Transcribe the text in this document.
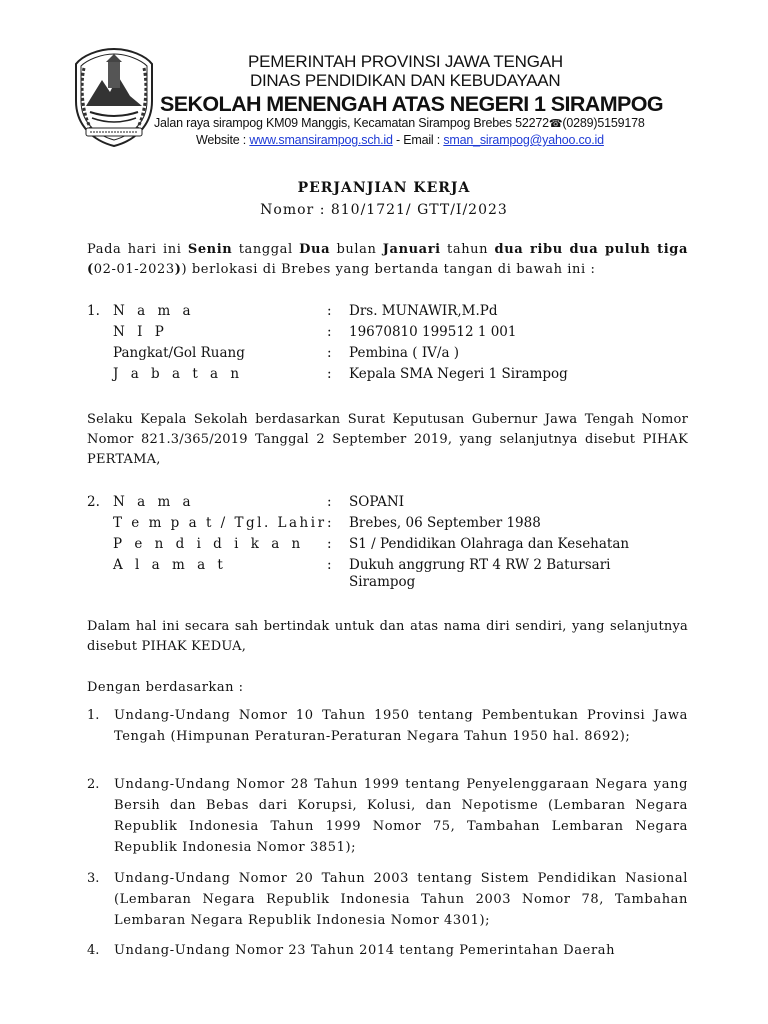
PEMERINTAH PROVINSI JAWA TENGAH
DINAS PENDIDIKAN DAN KEBUDAYAAN
SEKOLAH MENENGAH ATAS NEGERI 1 SIRAMPOG
Jalan raya sirampog KM09 Manggis, Kecamatan Sirampog Brebes 52272☎(0289)5159178
Website : www.smansirampog.sch.id - Email : sman_sirampog@yahoo.co.id
PERJANJIAN KERJA
Nomor : 810/1721/ GTT/I/2023
Pada hari ini Senin tanggal Dua bulan Januari tahun dua ribu dua puluh tiga (02-01-2023)) berlokasi di Brebes yang bertanda tangan di bawah ini :
1. N a m a	: Drs. MUNAWIR,M.Pd
N I P	: 19670810 199512 1 001
Pangkat/Gol Ruang	: Pembina ( IV/a )
J a b a t a n	: Kepala SMA Negeri 1 Sirampog
Selaku Kepala Sekolah berdasarkan Surat Keputusan Gubernur Jawa Tengah Nomor Nomor 821.3/365/2019 Tanggal 2 September 2019, yang selanjutnya disebut PIHAK PERTAMA,
2. N a m a	: SOPANI
T e m p a t / Tgl. Lahir : Brebes, 06 September 1988
P e n d i d i k a n : S1 / Pendidikan Olahraga dan Kesehatan
A l a m a t	: Dukuh anggrung RT 4 RW 2 Batursari Sirampog
Dalam hal ini secara sah bertindak untuk dan atas nama diri sendiri, yang selanjutnya disebut PIHAK KEDUA,
Dengan berdasarkan :
1. Undang-Undang Nomor 10 Tahun 1950 tentang Pembentukan Provinsi Jawa Tengah (Himpunan Peraturan-Peraturan Negara Tahun 1950 hal. 8692);
2. Undang-Undang Nomor 28 Tahun 1999 tentang Penyelenggaraan Negara yang Bersih dan Bebas dari Korupsi, Kolusi, dan Nepotisme (Lembaran Negara Republik Indonesia Tahun 1999 Nomor 75, Tambahan Lembaran Negara Republik Indonesia Nomor 3851);
3. Undang-Undang Nomor 20 Tahun 2003 tentang Sistem Pendidikan Nasional (Lembaran Negara Republik Indonesia Tahun 2003 Nomor 78, Tambahan Lembaran Negara Republik Indonesia Nomor 4301);
4. Undang-Undang Nomor 23 Tahun 2014 tentang Pemerintahan Daerah
